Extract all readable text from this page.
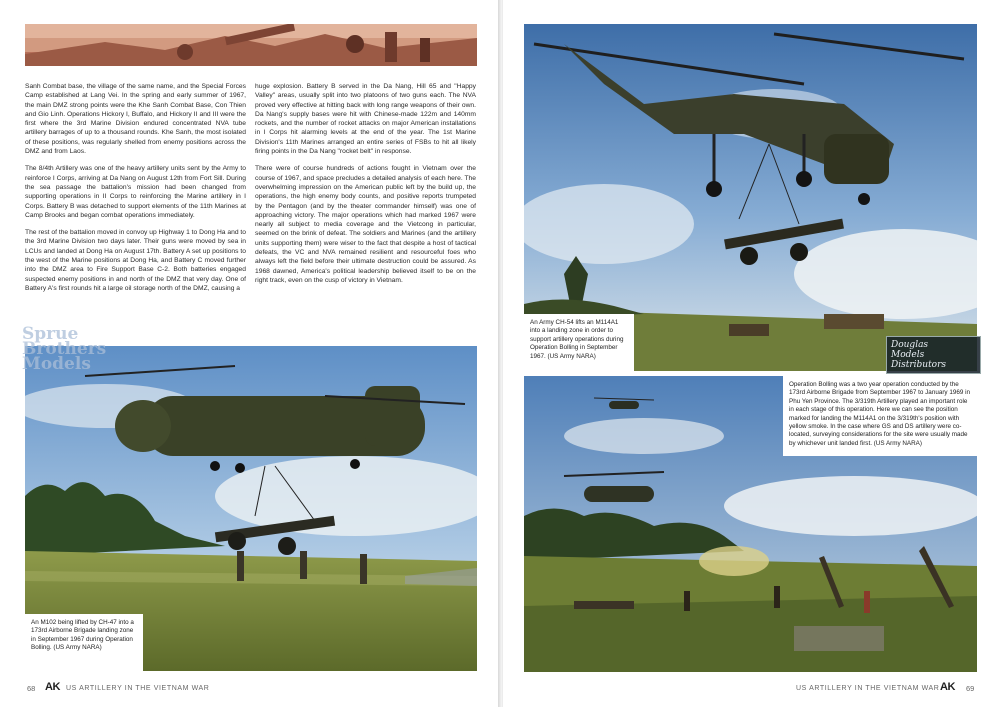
Sanh Combat base, the village of the same name, and the Special Forces Camp established at Lang Vei. In the spring and early summer of 1967, the main DMZ strong points were the Khe Sanh Combat Base, Con Thien and Gio Linh. Operations Hickory I, Buffalo, and Hickory II and III were the first where the 3rd Marine Division endured concentrated NVA tube artillery barrages of up to a thousand rounds. Khe Sanh, the most isolated of these positions, was regularly shelled from enemy positions across the DMZ and from Laos.

The 8/4th Artillery was one of the heavy artillery units sent by the Army to reinforce I Corps, arriving at Da Nang on August 12th from Fort Sill. During the sea passage the battalion's mission had been changed from supporting operations in II Corps to reinforcing the Marine artillery in I Corps. Battery B was detached to support elements of the 11th Marines at Camp Brooks and began combat operations immediately.

The rest of the battalion moved in convoy up Highway 1 to Dong Ha and to the 3rd Marine Division two days later. Their guns were moved by sea in LCUs and landed at Dong Ha on August 17th. Battery A set up positions to the west of the Marine positions at Dong Ha, and Battery C moved further into the DMZ area to Fire Support Base C-2. Both batteries engaged suspected enemy positions in and north of the DMZ that very day. One of Battery A's first rounds hit a large oil storage north of the DMZ, causing a

huge explosion. Battery B served in the Da Nang, Hill 65 and "Happy Valley" areas, usually split into two platoons of two guns each. The NVA proved very effective at hitting back with long range weapons of their own. Da Nang's supply bases were hit with Chinese-made 122m and 140mm rockets, and the number of rocket attacks on major American installations in I Corps hit alarming levels at the end of the year. The 1st Marine Division's 11th Marines arranged an entire series of FSBs to hit all likely firing points in the Da Nang "rocket belt" in response.

There were of course hundreds of actions fought in Vietnam over the course of 1967, and space precludes a detailed analysis of each here. The overwhelming impression on the American public left by the build up, the operations, the high enemy body counts, and positive reports trumpeted by the Pentagon (and by the theater commander himself) was one of approaching victory. The major operations which had marked 1967 were nearly all subject to media coverage and the Vietcong in particular, seemed on the brink of defeat. The soldiers and Marines (and the artillery units supporting them) were wiser to the fact that despite a host of tactical defeats, the VC and NVA remained resilient and resourceful foes who always left the field before their ultimate destruction could be assured. As 1968 dawned, America's political leadership believed itself to be on the right track, even on the cusp of victory in Vietnam.

Sprue
Brothers
Models
An M102 being lifted by CH-47 into a 173rd Airborne Brigade landing zone in September 1967 during Operation Bolling. (US Army NARA)
68 AK US ARTILLERY IN THE VIETNAM WAR
An Army CH-54 lifts an M114A1 into a landing zone in order to support artillery operations during Operation Bolling in September 1967. (US Army NARA)
Douglas
Models
Distributors
Operation Bolling was a two year operation conducted by the 173rd Airborne Brigade from September 1967 to January 1969 in Phu Yen Province. The 3/319th Artillery played an important role in each stage of this operation. Here we can see the position marked for landing the M114A1 on the 3/319th's position with yellow smoke. In the case where GS and DS artillery were co-located, surveying considerations for the site were usually made by whichever unit landed first. (US Army NARA)
US ARTILLERY IN THE VIETNAM WAR AK 69
